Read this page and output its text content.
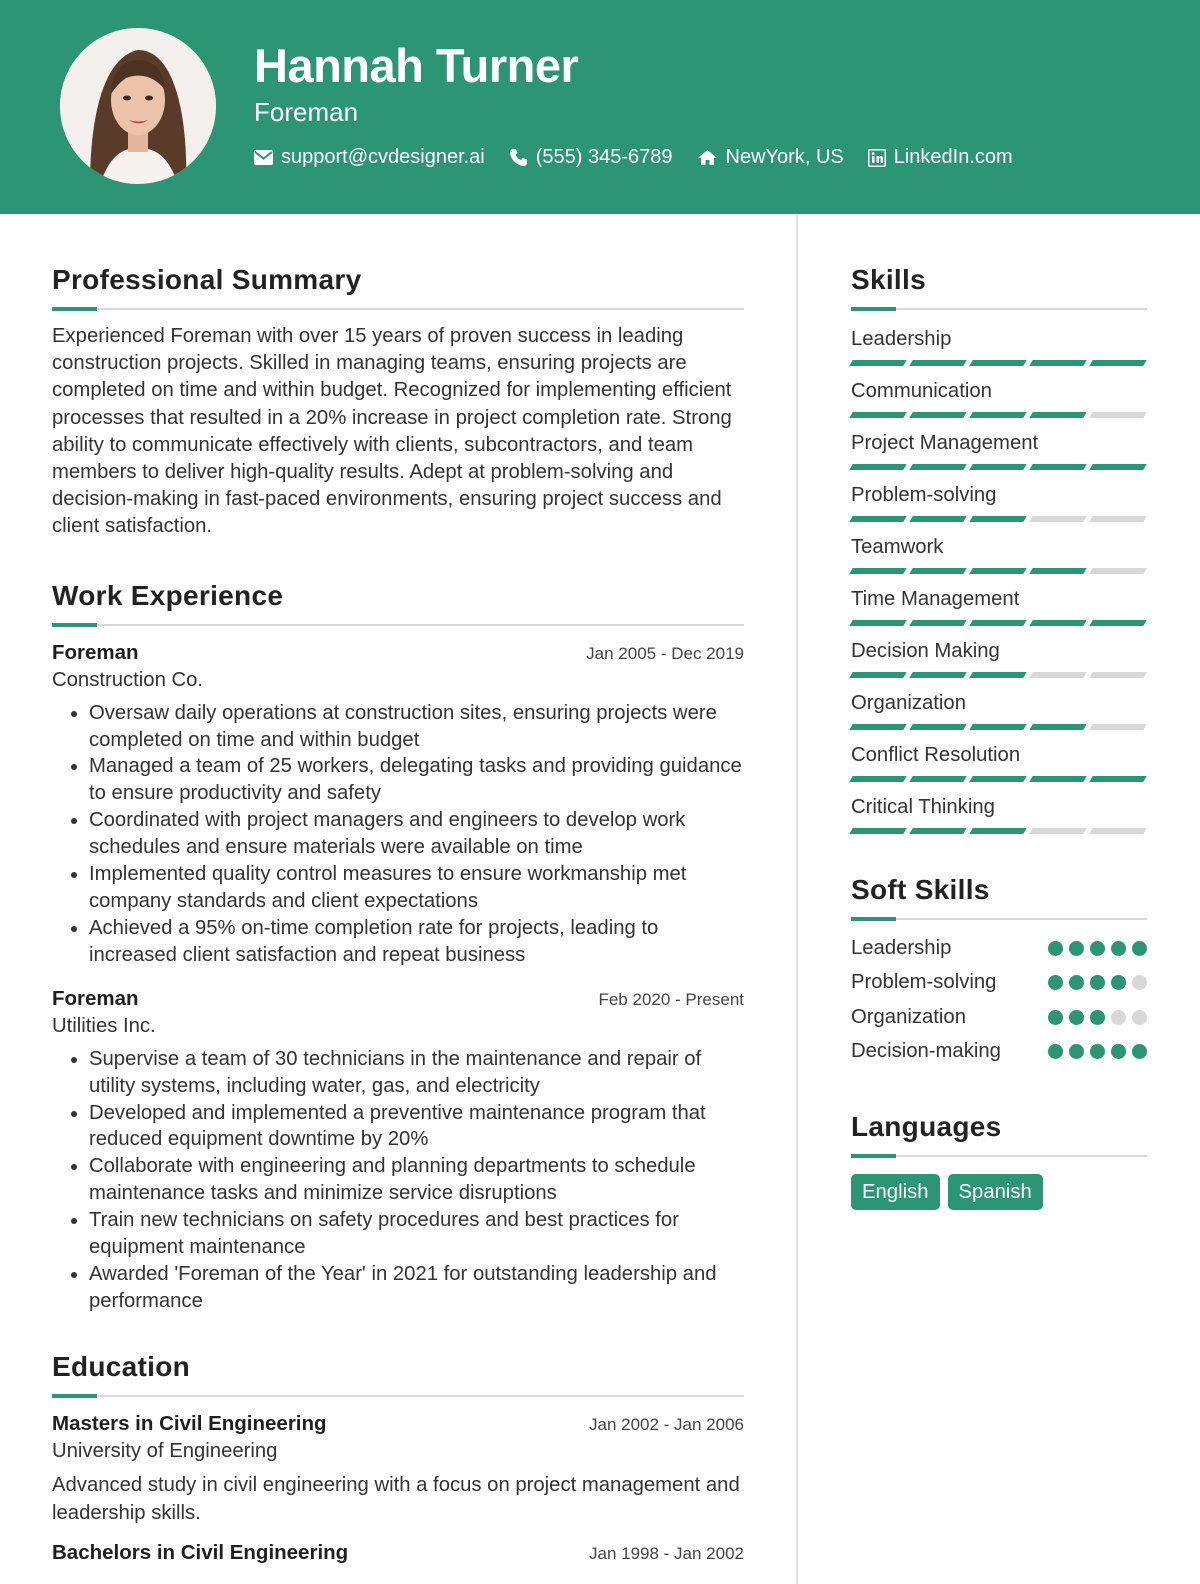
Hannah Turner
Foreman
support@cvdesigner.ai	(555) 345-6789	NewYork, US	LinkedIn.com
Professional Summary

Experienced Foreman with over 15 years of proven success in leading construction projects. Skilled in managing teams, ensuring projects are completed on time and within budget. Recognized for implementing efficient processes that resulted in a 20% increase in project completion rate. Strong ability to communicate effectively with clients, subcontractors, and team members to deliver high-quality results. Adept at problem-solving and decision-making in fast-paced environments, ensuring project success and client satisfaction.

Work Experience
Foreman	Jan 2005 - Dec 2019
Construction Co.
• Oversaw daily operations at construction sites, ensuring projects were completed on time and within budget
• Managed a team of 25 workers, delegating tasks and providing guidance to ensure productivity and safety
• Coordinated with project managers and engineers to develop work schedules and ensure materials were available on time
• Implemented quality control measures to ensure workmanship met company standards and client expectations
• Achieved a 95% on-time completion rate for projects, leading to increased client satisfaction and repeat business
Foreman	Feb 2020 - Present
Utilities Inc.
• Supervise a team of 30 technicians in the maintenance and repair of utility systems, including water, gas, and electricity
• Developed and implemented a preventive maintenance program that reduced equipment downtime by 20%
• Collaborate with engineering and planning departments to schedule maintenance tasks and minimize service disruptions
• Train new technicians on safety procedures and best practices for equipment maintenance
• Awarded 'Foreman of the Year' in 2021 for outstanding leadership and performance
Education
Masters in Civil Engineering	Jan 2002 - Jan 2006
University of Engineering
Advanced study in civil engineering with a focus on project management and leadership skills.
Bachelors in Civil Engineering	Jan 1998 - Jan 2002
Skills
Leadership
Communication
Project Management
Problem-solving
Teamwork
Time Management
Decision Making
Organization
Conflict Resolution
Critical Thinking
Soft Skills
Leadership
Problem-solving
Organization
Decision-making
Languages
English	Spanish
